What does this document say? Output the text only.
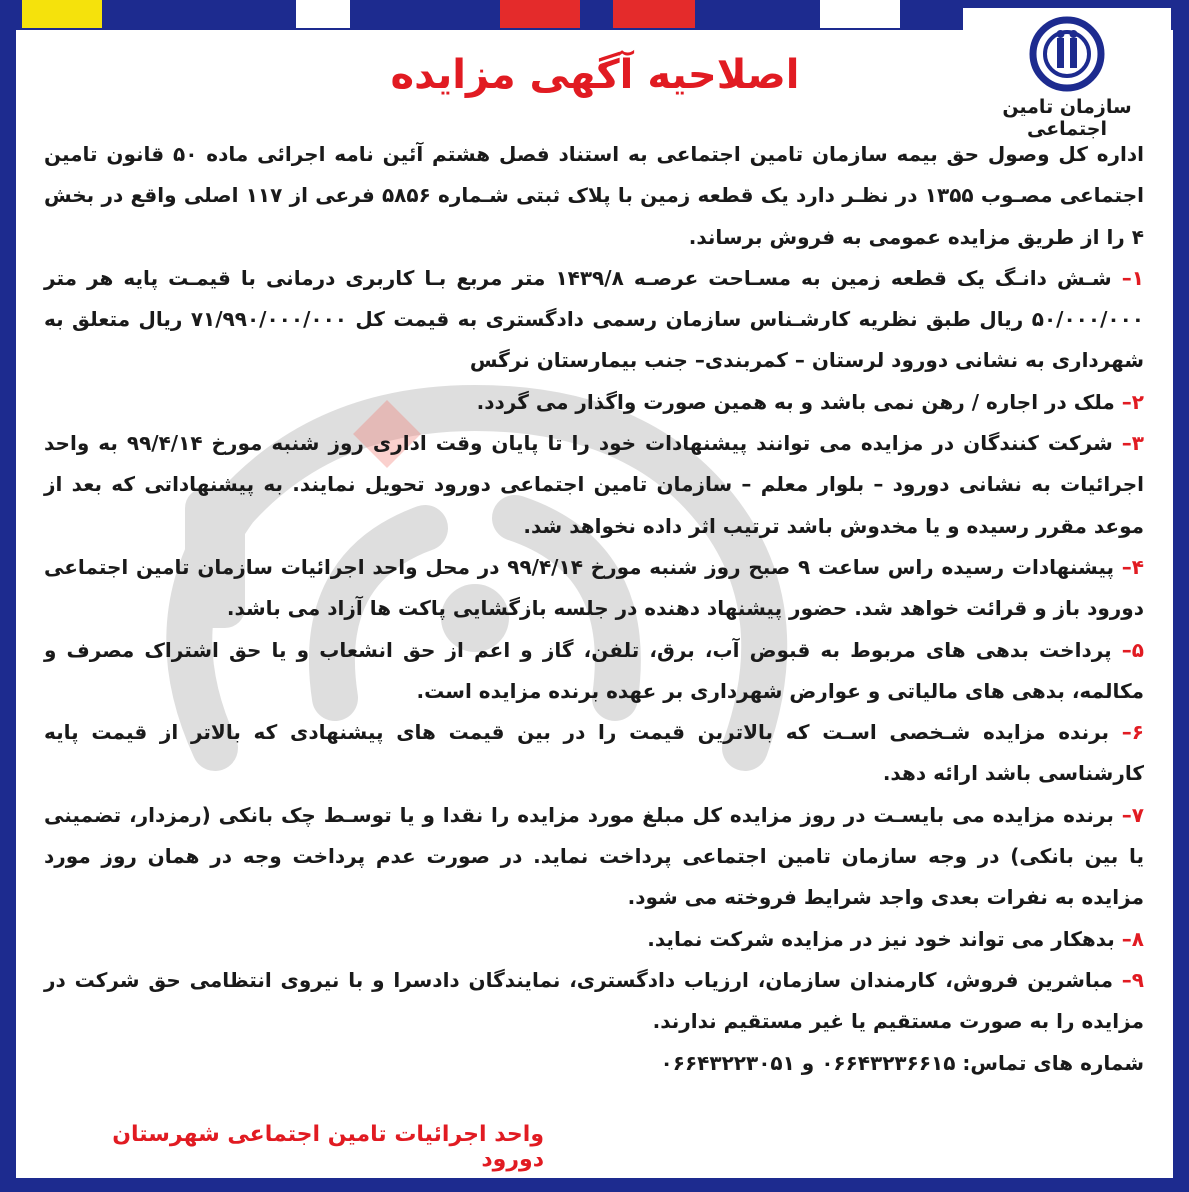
سازمان تامین اجتماعی
اصلاحیه آگهی مزایده

اداره کل وصول حق بیمه سازمان تامین اجتماعی به استناد فصل هشتم آئین نامه اجرائی ماده ۵۰ قانون تامین اجتماعی مصـوب ۱۳۵۵ در نظـر دارد یک قطعه زمین با پلاک ثبتی شـماره ۵۸۵۶ فرعی از ۱۱۷ اصلی واقع در بخش ۴ را از طریق مزایده عمومی به فروش برساند.

۱– شـش دانـگ یک قطعه زمین به مسـاحت عرصـه ۱۴۳۹/۸ متر مربع بـا کاربری درمانی با قیمـت پایه هر متر ۵۰/۰۰۰/۰۰۰ ریال طبق نظریه کارشـناس سازمان رسمی دادگستری به قیمت کل ۷۱/۹۹۰/۰۰۰/۰۰۰ ریال متعلق به شهرداری به نشانی دورود لرستان – کمربندی– جنب بیمارستان نرگس

۲– ملک در اجاره / رهن نمی باشد و به همین صورت واگذار می گردد.

۳– شرکت کنندگان در مزایده می توانند پیشنهادات خود را تا پایان وقت اداری روز شنبه مورخ ۹۹/۴/۱۴ به واحد اجرائیات به نشانی دورود – بلوار معلم – سازمان تامین اجتماعی دورود تحویل نمایند. به پیشنهاداتی که بعد از موعد مقرر رسیده و یا مخدوش باشد ترتیب اثر داده نخواهد شد.

۴– پیشنهادات رسیده راس ساعت ۹ صبح روز شنبه مورخ ۹۹/۴/۱۴ در محل واحد اجرائیات سازمان تامین اجتماعی دورود باز و قرائت خواهد شد. حضور پیشنهاد دهنده در جلسه بازگشایی پاکت ها آزاد می باشد.

۵– پرداخت بدهی های مربوط به قبوض آب، برق، تلفن، گاز و اعم از حق انشعاب و یا حق اشتراک مصرف و مکالمه، بدهی های مالیاتی و عوارض شهرداری بر عهده برنده مزایده است.

۶– برنده مزایده شـخصی اسـت که بالاترین قیمت را در بین قیمت های پیشنهادی که بالاتر از قیمت پایه کارشناسی باشد ارائه دهد.

۷– برنده مزایده می بایسـت در روز مزایده کل مبلغ مورد مزایده را نقدا و یا توسـط چک بانکی (رمزدار، تضمینی یا بین بانکی) در وجه سازمان تامین اجتماعی پرداخت نماید. در صورت عدم پرداخت وجه در همان روز مورد مزایده به نفرات بعدی واجد شرایط فروخته می شود.

۸– بدهکار می تواند خود نیز در مزایده شرکت نماید.

۹– مباشرین فروش، کارمندان سازمان، ارزیاب دادگستری، نمایندگان دادسرا و با نیروی انتظامی حق شرکت در مزایده را به صورت مستقیم یا غیر مستقیم ندارند.

شماره های تماس: ۰۶۶۴۳۲۳۶۶۱۵ و ۰۶۶۴۳۲۲۳۰۵۱

واحد اجرائیات تامین اجتماعی شهرستان دورود
